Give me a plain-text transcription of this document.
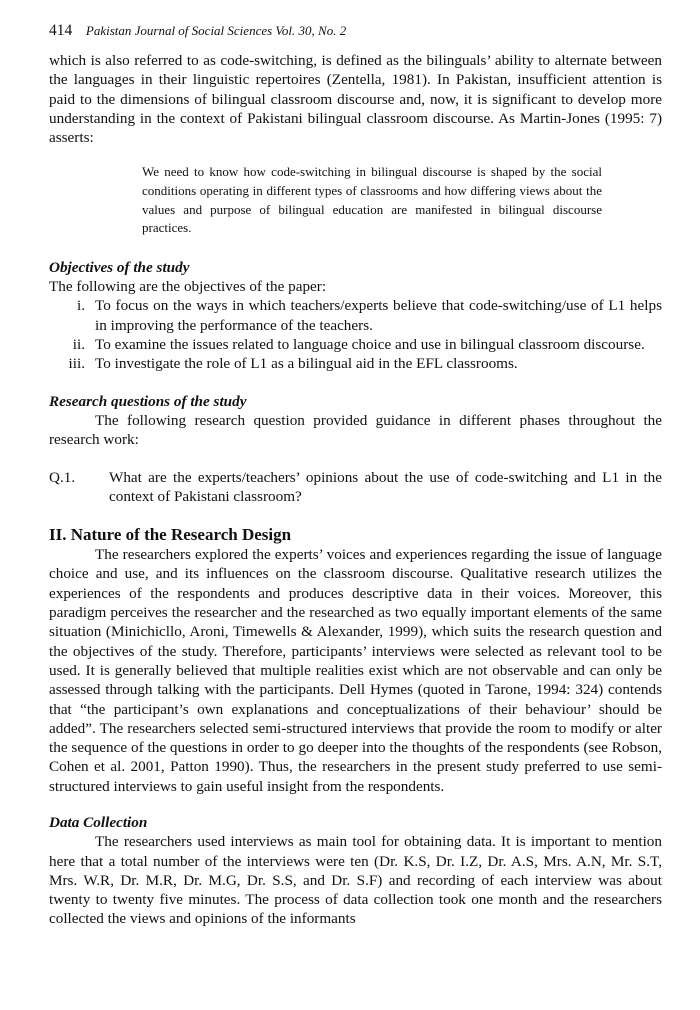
414 Pakistan Journal of Social Sciences Vol. 30, No. 2

which is also referred to as code-switching, is defined as the bilinguals’ ability to alternate between the languages in their linguistic repertoires (Zentella, 1981). In Pakistan, insufficient attention is paid to the dimensions of bilingual classroom discourse and, now, it is significant to develop more understanding in the context of Pakistani bilingual classroom discourse. As Martin-Jones (1995: 7) asserts:

We need to know how code-switching in bilingual discourse is shaped by the social conditions operating in different types of classrooms and how differing views about the values and purpose of bilingual education are manifested in bilingual discourse practices.
Objectives of the study

The following are the objectives of the paper:

i. To focus on the ways in which teachers/experts believe that code-switching/use of L1 helps in improving the performance of the teachers.
ii. To examine the issues related to language choice and use in bilingual classroom discourse.
iii. To investigate the role of L1 as a bilingual aid in the EFL classrooms.
Research questions of the study

The following research question provided guidance in different phases throughout the research work:

Q.1. What are the experts/teachers’ opinions about the use of code-switching and L1 in the context of Pakistani classroom?
II. Nature of the Research Design

The researchers explored the experts’ voices and experiences regarding the issue of language choice and use, and its influences on the classroom discourse. Qualitative research utilizes the experiences of the respondents and produces descriptive data in their voices. Moreover, this paradigm perceives the researcher and the researched as two equally important elements of the same situation (Minichicllo, Aroni, Timewells & Alexander, 1999), which suits the research question and the objectives of the study. Therefore, participants’ interviews were selected as relevant tool to be used. It is generally believed that multiple realities exist which are not observable and can only be assessed through talking with the participants. Dell Hymes (quoted in Tarone, 1994: 324) contends that “the participant’s own explanations and conceptualizations of their behaviour’ should be added”. The researchers selected semi-structured interviews that provide the room to modify or alter the sequence of the questions in order to go deeper into the thoughts of the respondents (see Robson, Cohen et al. 2001, Patton 1990). Thus, the researchers in the present study preferred to use semi-structured interviews to gain useful insight from the respondents.

Data Collection

The researchers used interviews as main tool for obtaining data. It is important to mention here that a total number of the interviews were ten (Dr. K.S, Dr. I.Z, Dr. A.S, Mrs. A.N, Mr. S.T, Mrs. W.R, Dr. M.R, Dr. M.G, Dr. S.S, and Dr. S.F) and recording of each interview was about twenty to twenty five minutes. The process of data collection took one month and the researchers collected the views and opinions of the informants
